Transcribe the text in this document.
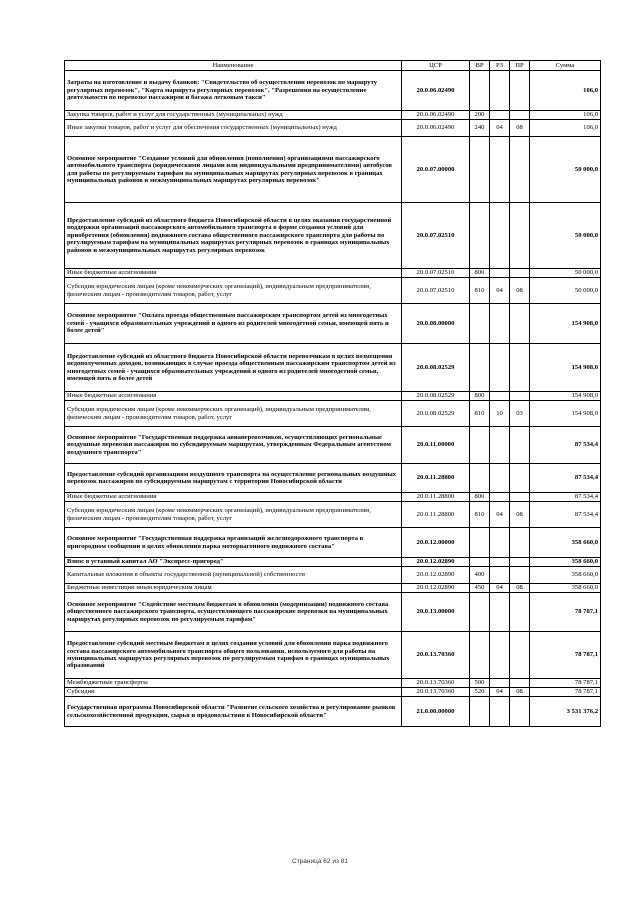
Наименование	ЦСР	ВР	РЗ	ПР	Сумма
Затраты на изготовление и выдачу бланков: "Свидетельство об осуществлении перевозок по маршруту регулярных перевозок", "Карта маршрута регулярных перевозок", "Разрешения на осуществление деятельности по перевозке пассажиров и багажа легковым такси"	20.0.06.02490				106,0
Закупка товаров, работ и услуг для государственных (муниципальных) нужд	20.0.06.02490	200			106,0
Иные закупки товаров, работ и услуг для обеспечения государственных (муниципальных) нужд	20.0.06.02490	240	04	08	106,0
Основное мероприятие "Создание условий для обновления (пополнения) организациями пассажирского автомобильного транспорта (юридическими лицами или индивидуальными предпринимателями) автобусов для работы по регулируемым тарифам на муниципальных маршрутах регулярных перевозок в границах муниципальных районов и межмуниципальных маршрутах регулярных перевозок"	20.0.07.00000				50 000,0
Предоставление субсидий из областного бюджета Новосибирской области в целях оказания государственной поддержки организаций пассажирского автомобильного транспорта в форме создания условий для приобретения (обновления) подвижного состава общественного пассажирского транспорта для работы по регулируемым тарифам на муниципальных маршрутах регулярных перевозок в границах муниципальных районов и межмуниципальных маршрутах регулярных перевозок	20.0.07.02510				50 000,0
Иные бюджетные ассигнования	20.0.07.02510	800			50 000,0
Субсидии юридическим лицам (кроме некоммерческих организаций), индивидуальным предпринимателям, физическим лицам - производителям товаров, работ, услуг	20.0.07.02510	810	04	08	50 000,0
Основное мероприятие "Оплата проезда общественным пассажирским транспортом детей из многодетных семей - учащихся образовательных учреждений и одного из родителей многодетной семьи, имеющей пять и более детей"	20.0.08.00000				154 908,0
Предоставление субсидий из областного бюджета Новосибирской области перевозчикам в целях возмещения недополученных доходов, возникающих в случае проезда общественным пассажирским транспортом детей из многодетных семей - учащихся образовательных учреждений и одного из родителей многодетной семьи, имеющей пять и более детей	20.0.08.02529				154 908,0
Иные бюджетные ассигнования	20.0.08.02529	800			154 908,0
Субсидии юридическим лицам (кроме некоммерческих организаций), индивидуальным предпринимателям, физическим лицам - производителям товаров, работ, услуг	20.0.08.02529	810	10	03	154 908,0
Основное мероприятие "Государственная поддержка авиаперевозчиков, осуществляющих региональные воздушные перевозки пассажиров по субсидируемым маршрутам, утвержденным Федеральным агентством воздушного транспорта"	20.0.11.00000				87 534,4
Предоставление субсидий организациям воздушного транспорта на осуществление региональных воздушных перевозок пассажиров по субсидируемым маршрутам с территории Новосибирской области	20.0.11.28800				87 534,4
Иные бюджетные ассигнования	20.0.11.28800	800			87 534,4
Субсидии юридическим лицам (кроме некоммерческих организаций), индивидуальным предпринимателям, физическим лицам - производителям товаров, работ, услуг	20.0.11.28800	810	04	08	87 534,4
Основное мероприятие "Государственная поддержка организаций железнодорожного транспорта в пригородном сообщении в целях обновления парка моторвагонного подвижного состава"	20.0.12.00000				358 660,0
Взнос в уставный капитал АО "Экспресс-пригород"	20.0.12.02890				358 660,0
Капитальные вложения в объекты государственной (муниципальной) собственности	20.0.12.02890	400			358 660,0
Бюджетные инвестиции иным юридическим лицам	20.0.12.02890	450	04	08	358 660,0
Основное мероприятие "Содействие местным бюджетам в обновлении (модернизации) подвижного состава общественного пассажирского транспорта, осуществляющего пассажирские перевозки на муниципальных маршрутах регулярных перевозок по регулируемым тарифам"	20.0.13.00000				78 787,1
Предоставление субсидий местным бюджетам в целях создания условий для обновления парка подвижного состава пассажирского автомобильного транспорта общего пользования, используемого для работы на муниципальных маршрутах регулярных перевозок по регулируемым тарифам в границах муниципальных образований	20.0.13.70360				78 787,1
Межбюджетные трансферты	20.0.13.70360	500			78 787,1
Субсидии	20.0.13.70360	520	04	08	78 787,1
Государственная программа Новосибирской области "Развитие сельского хозяйства и регулирование рынков сельскохозяйственной продукции, сырья и продовольствия в Новосибирской области"	21.0.00.00000				3 531 376,2
Страница 62 из 81
